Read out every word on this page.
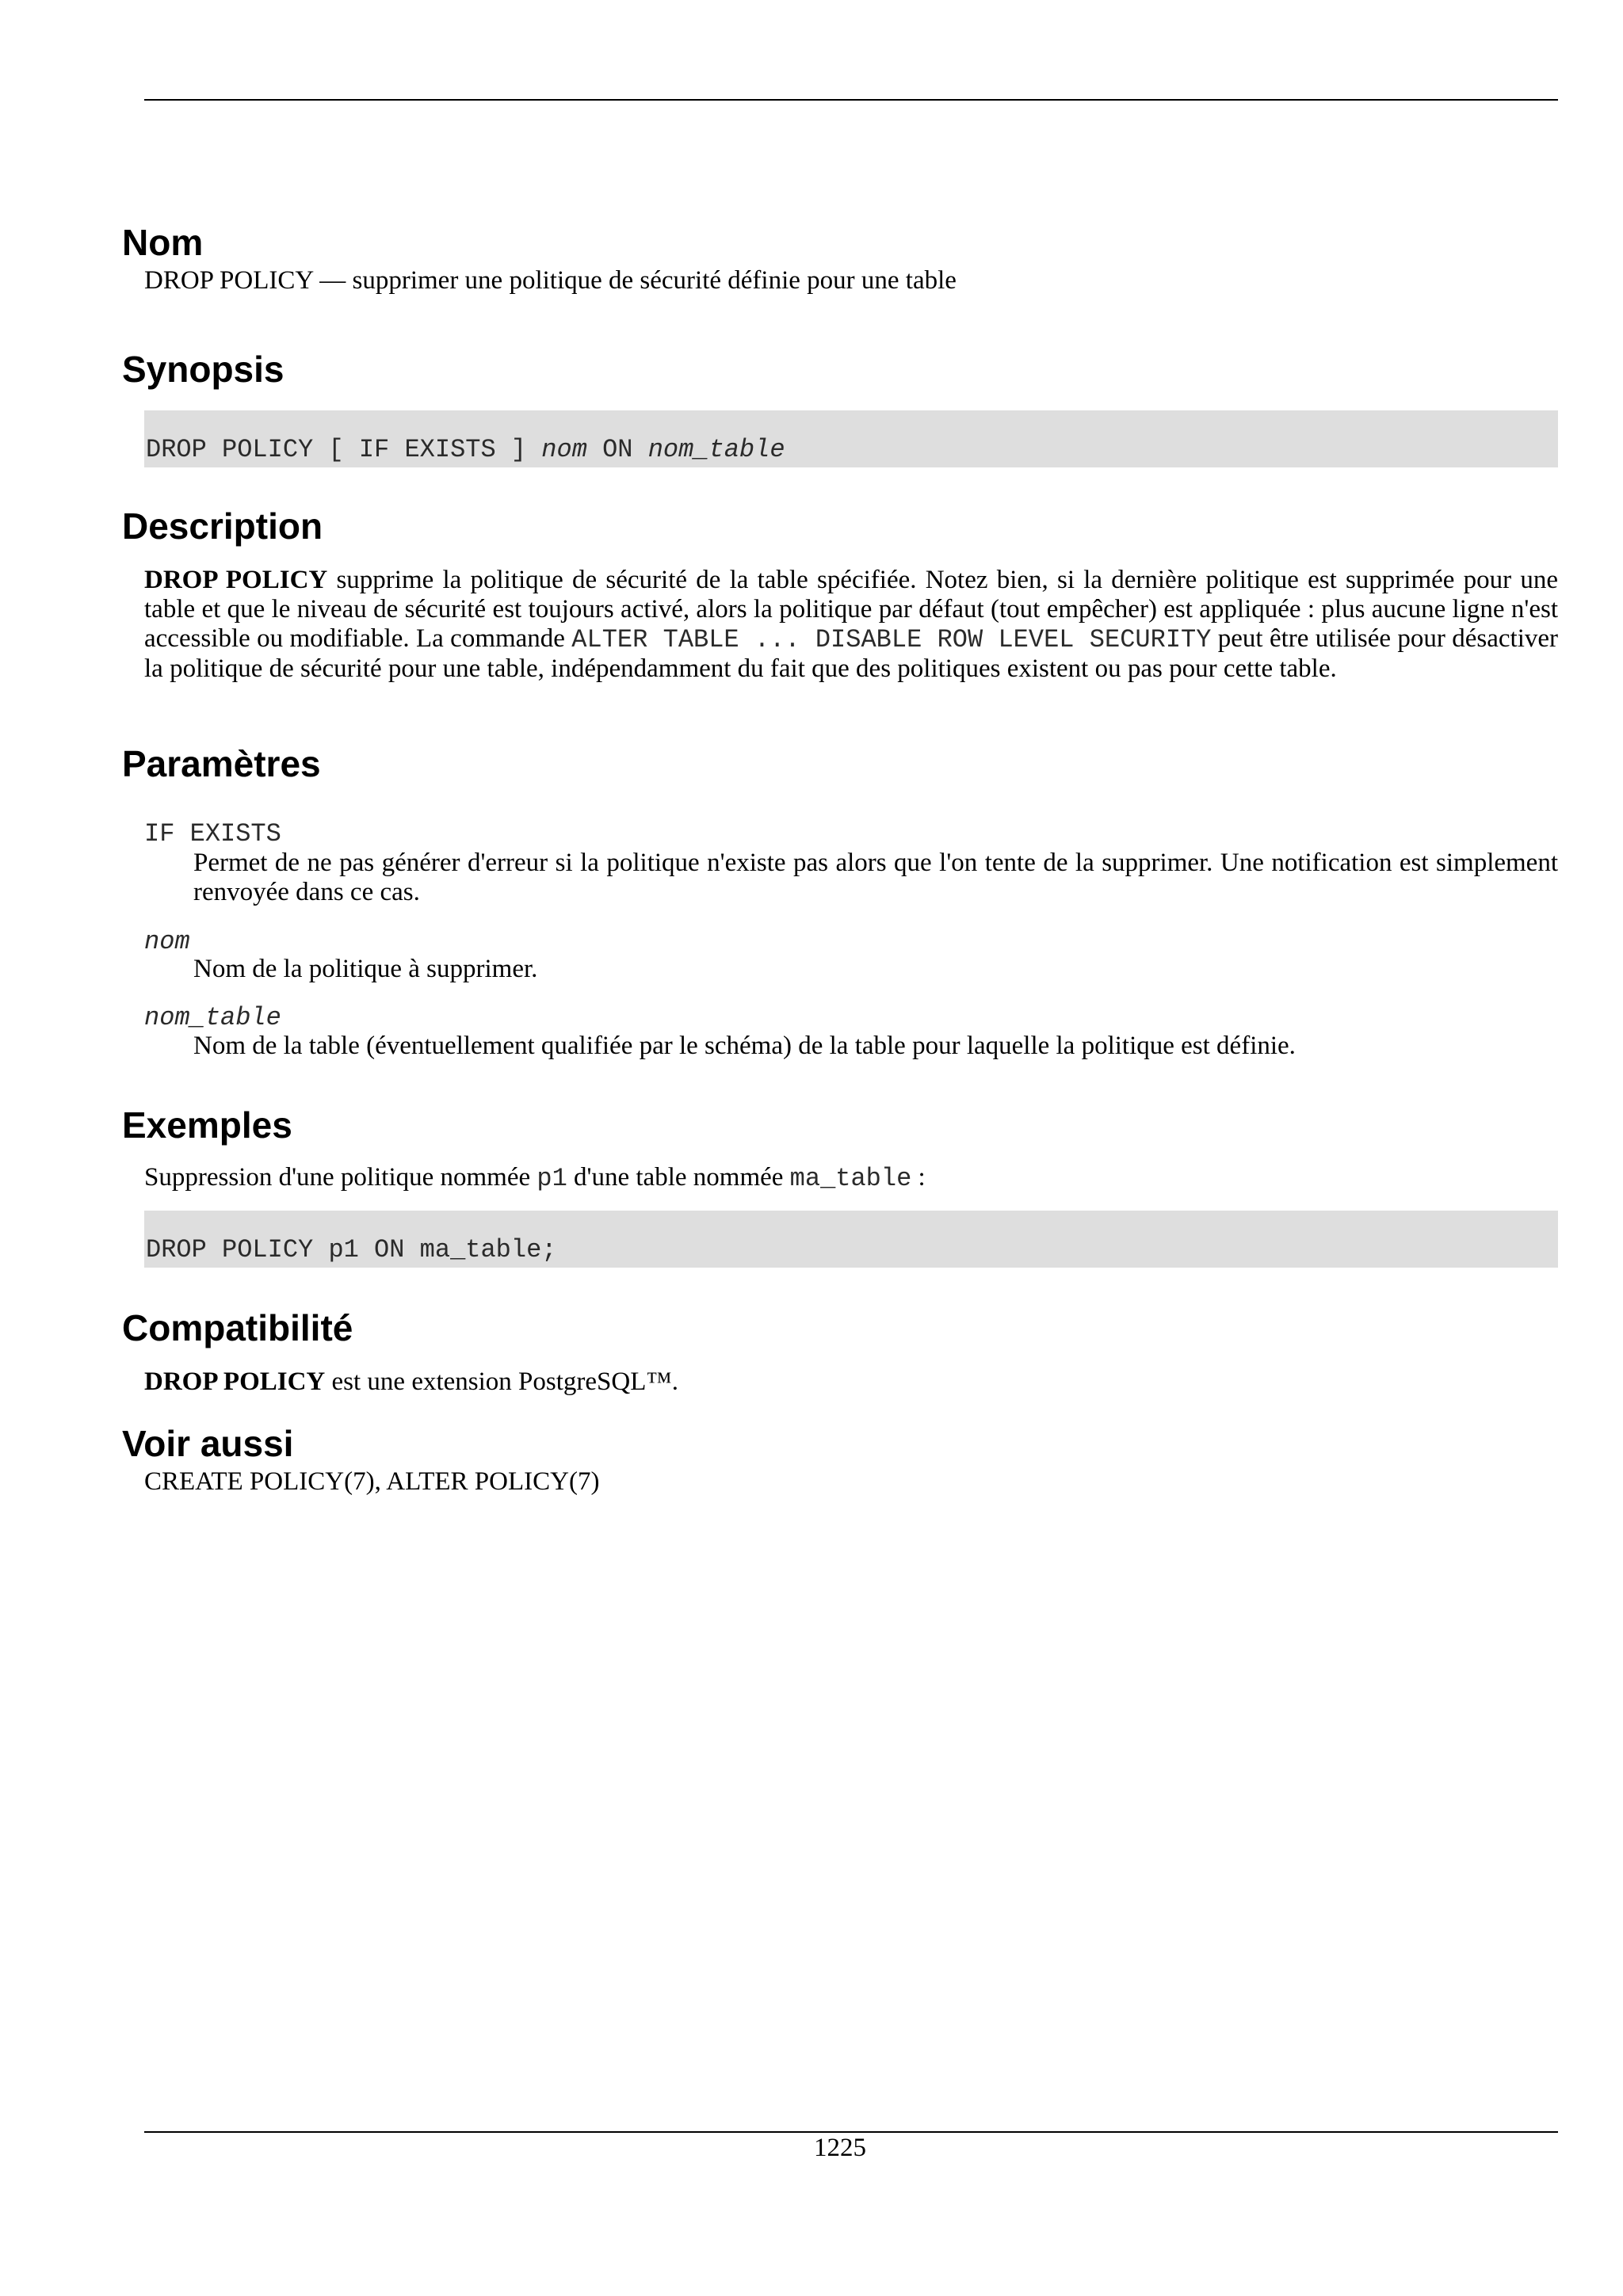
Nom

DROP POLICY — supprimer une politique de sécurité définie pour une table

Synopsis
DROP POLICY [ IF EXISTS ] nom ON nom_table
Description

DROP POLICY supprime la politique de sécurité de la table spécifiée. Notez bien, si la dernière politique est supprimée pour une table et que le niveau de sécurité est toujours activé, alors la politique par défaut (tout empêcher) est appliquée : plus aucune ligne n'est accessible ou modifiable. La commande ALTER TABLE ... DISABLE ROW LEVEL SECURITY peut être utilisée pour désactiver la politique de sécurité pour une table, indépendamment du fait que des politiques existent ou pas pour cette table.

Paramètres

IF EXISTS

Permet de ne pas générer d'erreur si la politique n'existe pas alors que l'on tente de la supprimer. Une notification est simplement renvoyée dans ce cas.

nom

Nom de la politique à supprimer.

nom_table

Nom de la table (éventuellement qualifiée par le schéma) de la table pour laquelle la politique est définie.

Exemples

Suppression d'une politique nommée p1 d'une table nommée ma_table :

DROP POLICY p1 ON ma_table;
Compatibilité

DROP POLICY est une extension PostgreSQL™.

Voir aussi

CREATE POLICY(7), ALTER POLICY(7)

1225
